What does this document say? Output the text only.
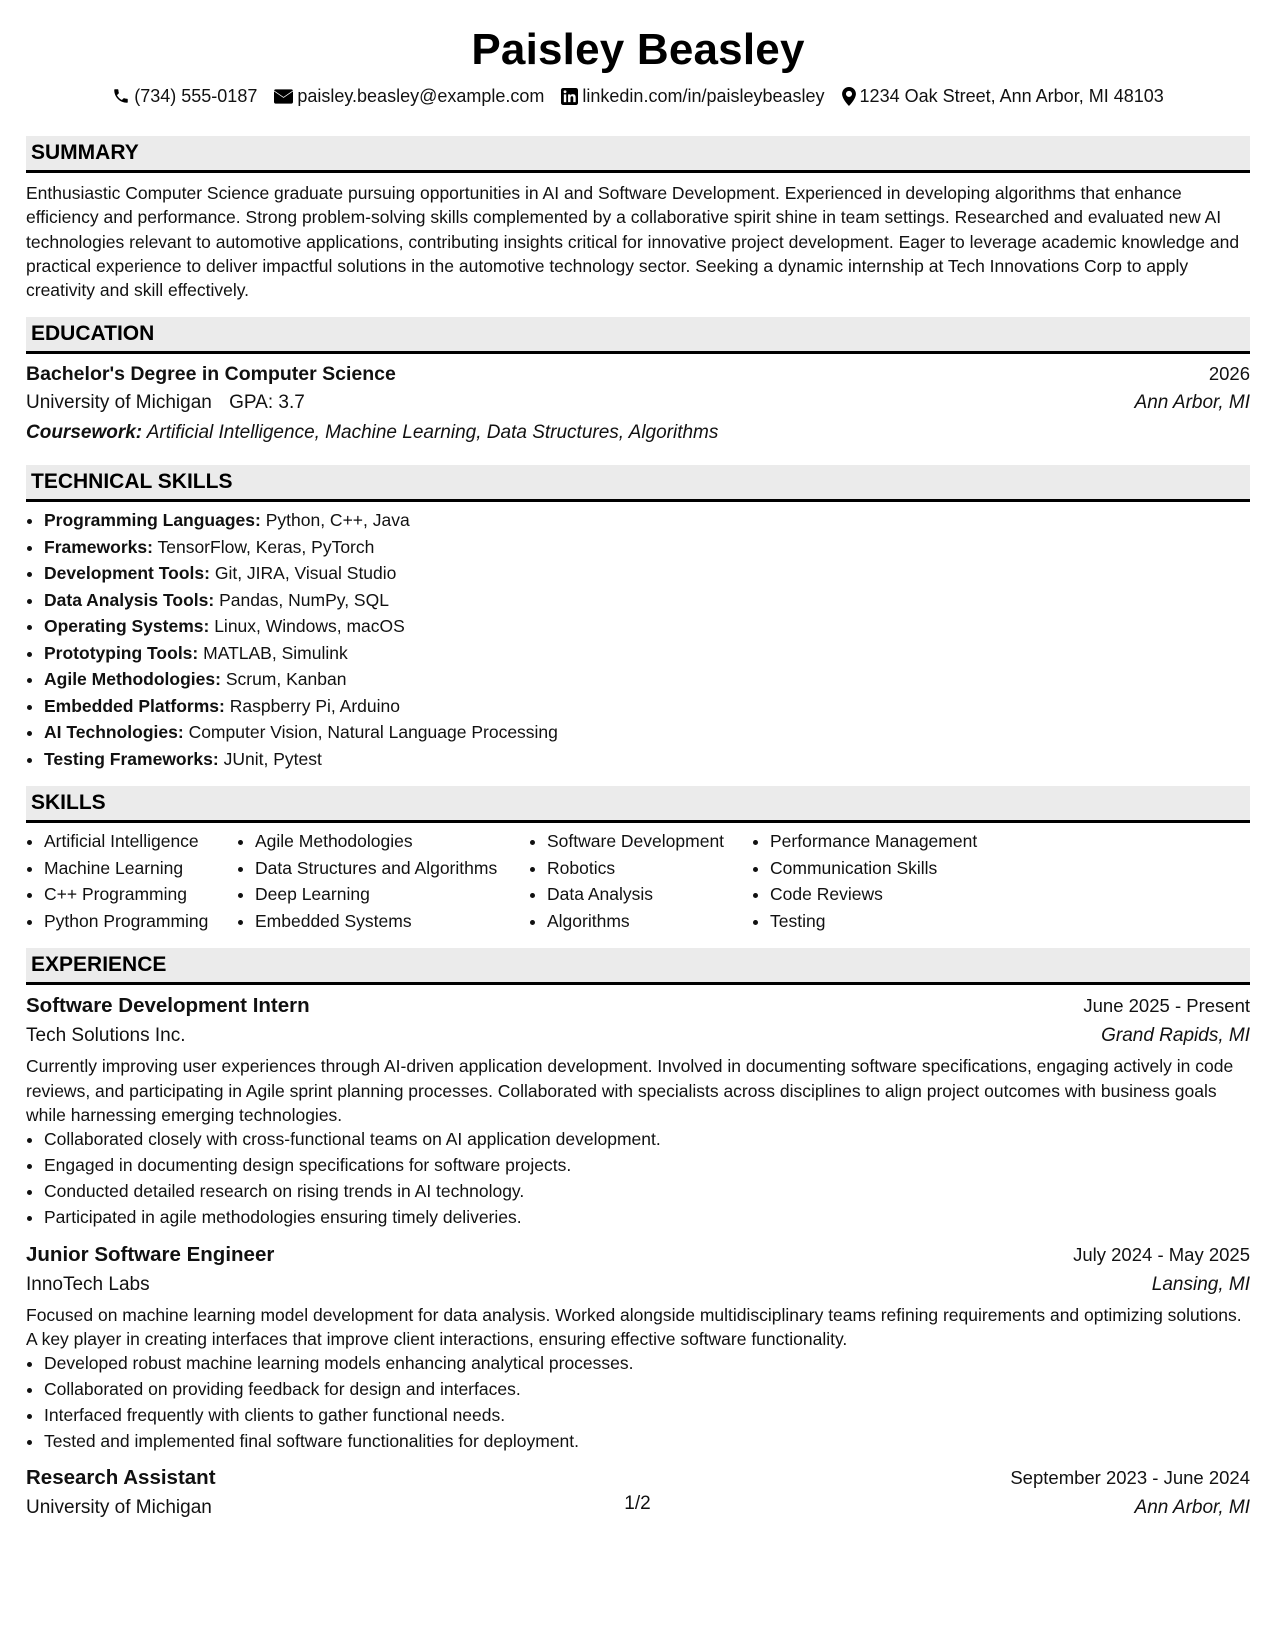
Paisley Beasley
(734) 555-0187 paisley.beasley@example.com linkedin.com/in/paisleybeasley 1234 Oak Street, Ann Arbor, MI 48103
SUMMARY

Enthusiastic Computer Science graduate pursuing opportunities in AI and Software Development. Experienced in developing algorithms that enhance efficiency and performance. Strong problem-solving skills complemented by a collaborative spirit shine in team settings. Researched and evaluated new AI technologies relevant to automotive applications, contributing insights critical for innovative project development. Eager to leverage academic knowledge and practical experience to deliver impactful solutions in the automotive technology sector. Seeking a dynamic internship at Tech Innovations Corp to apply creativity and skill effectively.

EDUCATION
Bachelor's Degree in Computer Science	2026
University of Michigan GPA: 3.7	Ann Arbor, MI
Coursework: Artificial Intelligence, Machine Learning, Data Structures, Algorithms
TECHNICAL SKILLS
• Programming Languages: Python, C++, Java
• Frameworks: TensorFlow, Keras, PyTorch
• Development Tools: Git, JIRA, Visual Studio
• Data Analysis Tools: Pandas, NumPy, SQL
• Operating Systems: Linux, Windows, macOS
• Prototyping Tools: MATLAB, Simulink
• Agile Methodologies: Scrum, Kanban
• Embedded Platforms: Raspberry Pi, Arduino
• AI Technologies: Computer Vision, Natural Language Processing
• Testing Frameworks: JUnit, Pytest
SKILLS
• Artificial Intelligence
• Machine Learning
• C++ Programming
• Python Programming
• Agile Methodologies
• Data Structures and Algorithms
• Deep Learning
• Embedded Systems
• Software Development
• Robotics
• Data Analysis
• Algorithms
• Performance Management
• Communication Skills
• Code Reviews
• Testing
EXPERIENCE
Software Development Intern	June 2025 - Present
Tech Solutions Inc.	Grand Rapids, MI

Currently improving user experiences through AI-driven application development. Involved in documenting software specifications, engaging actively in code reviews, and participating in Agile sprint planning processes. Collaborated with specialists across disciplines to align project outcomes with business goals while harnessing emerging technologies.

• Collaborated closely with cross-functional teams on AI application development.
• Engaged in documenting design specifications for software projects.
• Conducted detailed research on rising trends in AI technology.
• Participated in agile methodologies ensuring timely deliveries.
Junior Software Engineer	July 2024 - May 2025
InnoTech Labs	Lansing, MI

Focused on machine learning model development for data analysis. Worked alongside multidisciplinary teams refining requirements and optimizing solutions. A key player in creating interfaces that improve client interactions, ensuring effective software functionality.

• Developed robust machine learning models enhancing analytical processes.
• Collaborated on providing feedback for design and interfaces.
• Interfaced frequently with clients to gather functional needs.
• Tested and implemented final software functionalities for deployment.
Research Assistant	September 2023 - June 2024
University of Michigan	Ann Arbor, MI
1/2
